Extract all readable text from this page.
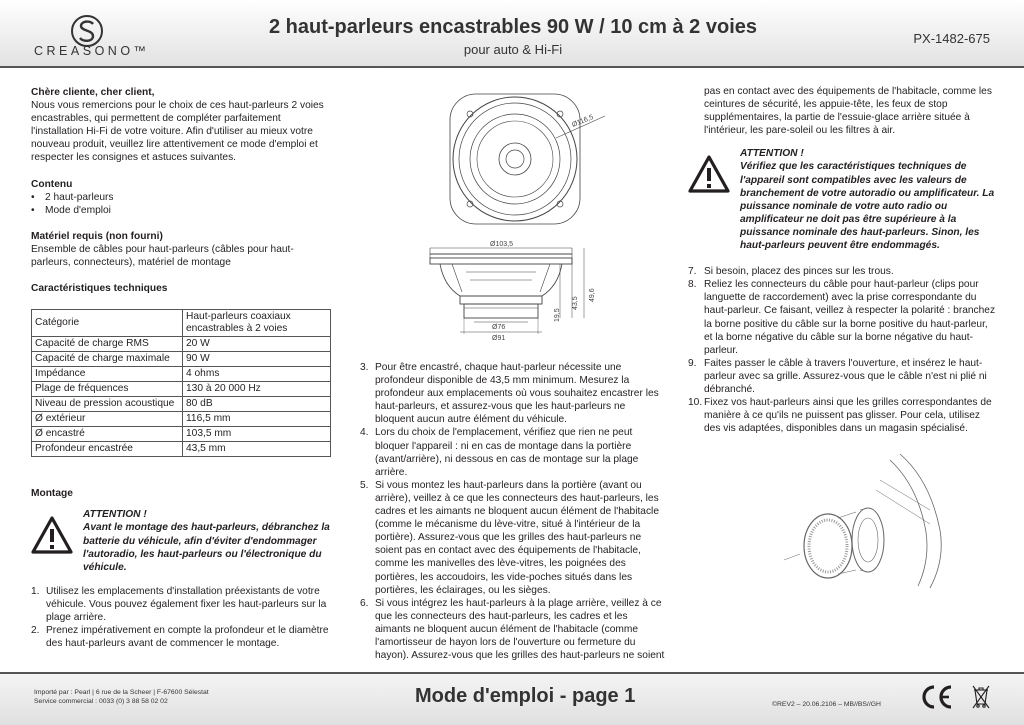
CREASONO™
2 haut-parleurs encastrables 90 W / 10 cm à 2 voies
pour auto & Hi-Fi
PX-1482-675
Chère cliente, cher client,

Nous vous remercions pour le choix de ces haut-parleurs 2 voies encastrables, qui permettent de compléter parfaitement l'installation Hi-Fi de votre voiture. Afin d'utiliser au mieux votre nouveau produit, veuillez lire attentivement ce mode d'emploi et respecter les consignes et astuces suivantes.

Contenu
• 2 haut-parleurs
• Mode d'emploi
Matériel requis (non fourni)

Ensemble de câbles pour haut-parleurs (câbles pour haut-parleurs, connecteurs), matériel de montage

Caractéristiques techniques
Catégorie	Haut-parleurs coaxiaux encastrables à 2 voies
Capacité de charge RMS	20 W
Capacité de charge maximale	90 W
Impédance	4 ohms
Plage de fréquences	130 à 20 000 Hz
Niveau de pression acoustique	80 dB
Ø extérieur	116,5 mm
Ø encastré	103,5 mm
Profondeur encastrée	43,5 mm
Montage
ATTENTION !
Avant le montage des haut-parleurs, débranchez la batterie du véhicule, afin d'éviter d'endommager l'autoradio, les haut-parleurs ou l'électronique du véhicule.
1. Utilisez les emplacements d'installation préexistants de votre véhicule. Vous pouvez également fixer les haut-parleurs sur la plage arrière.
2. Prenez impérativement en compte la profondeur et le diamètre des haut-parleurs avant de commencer le montage.
Ø116,5
Ø103,5
Ø76
Ø91
19,5
43,5
49,6
3. Pour être encastré, chaque haut-parleur nécessite une profondeur disponible de 43,5 mm minimum. Mesurez la profondeur aux emplacements où vous souhaitez encastrer les haut-parleurs, et assurez-vous que les haut-parleurs ne bloquent aucun autre élément du véhicule.
4. Lors du choix de l'emplacement, vérifiez que rien ne peut bloquer l'appareil : ni en cas de montage dans la portière (avant/arrière), ni dessous en cas de montage sur la plage arrière.
5. Si vous montez les haut-parleurs dans la portière (avant ou arrière), veillez à ce que les connecteurs des haut-parleurs, les cadres et les aimants ne bloquent aucun élément de l'habitacle (comme le mécanisme du lève-vitre, situé à l'intérieur de la portière). Assurez-vous que les grilles des haut-parleurs ne soient pas en contact avec des équipements de l'habitacle, comme les manivelles des lève-vitres, les poignées des portières, les accoudoirs, les vide-poches situés dans les portières, les éclairages, ou les sièges.
6. Si vous intégrez les haut-parleurs à la plage arrière, veillez à ce que les connecteurs des haut-parleurs, les cadres et les aimants ne bloquent aucun élément de l'habitacle (comme l'amortisseur de hayon lors de l'ouverture ou fermeture du hayon). Assurez-vous que les grilles des haut-parleurs ne soient

pas en contact avec des équipements de l'habitacle, comme les ceintures de sécurité, les appuie-tête, les feux de stop supplémentaires, la partie de l'essuie-glace arrière située à l'intérieur, les pare-soleil ou les filtres à air.

ATTENTION !
Vérifiez que les caractéristiques techniques de l'appareil sont compatibles avec les valeurs de branchement de votre autoradio ou amplificateur. La puissance nominale de votre auto radio ou amplificateur ne doit pas être supérieure à la puissance nominale des haut-parleurs. Sinon, les haut-parleurs peuvent être endommagés.
7. Si besoin, placez des pinces sur les trous.
8. Reliez les connecteurs du câble pour haut-parleur (clips pour languette de raccordement) avec la prise correspondante du haut-parleur. Ce faisant, veillez à respecter la polarité : branchez la borne positive du câble sur la borne positive du haut-parleur, et la borne négative du câble sur la borne négative du haut-parleur.
9. Faites passer le câble à travers l'ouverture, et insérez le haut-parleur avec sa grille. Assurez-vous que le câble n'est ni plié ni débranché.
10. Fixez vos haut-parleurs ainsi que les grilles correspondantes de manière à ce qu'ils ne puissent pas glisser. Pour cela, utilisez des vis adaptées, disponibles dans un magasin spécialisé.
Importé par : Pearl | 6 rue de la Scheer | F-67600 Sélestat
Service commercial : 0033 (0) 3 88 58 02 02	Mode d'emploi - page 1	©REV2 – 20.06.2106 – MB//BS//GH
